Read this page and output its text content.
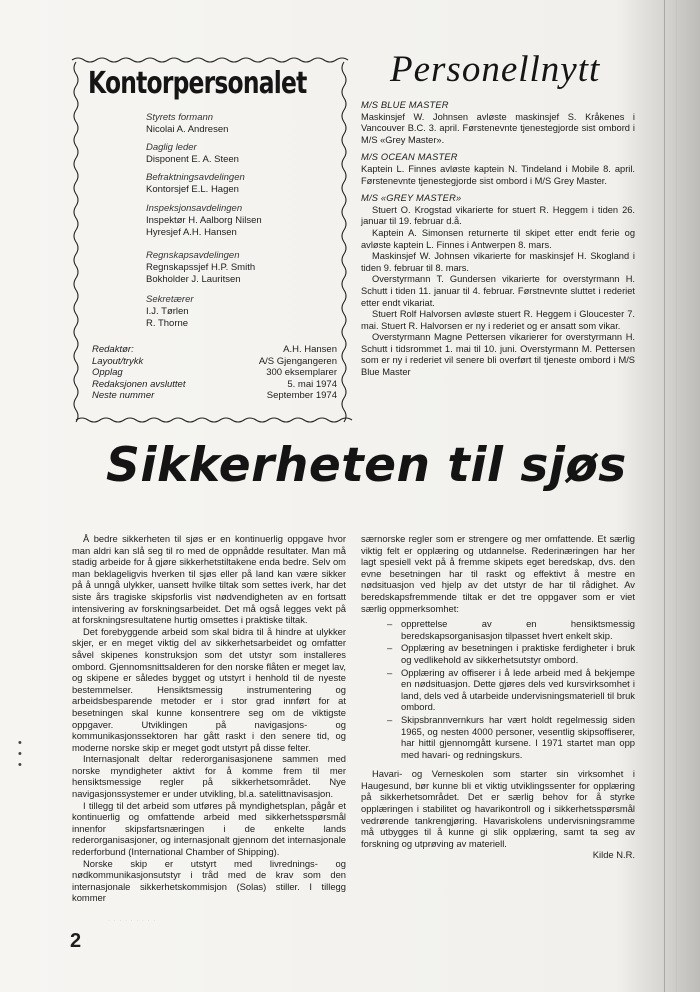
Kontorpersonalet
Styrets formann
Nicolai A. Andresen
Daglig leder
Disponent E. A. Steen
Befraktningsavdelingen
Kontorsjef E.L. Hagen
Inspeksjonsavdelingen
Inspektør H. Aalborg Nilsen
Hyresjef A.H. Hansen
Regnskapsavdelingen
Regnskapssjef H.P. Smith
Bokholder J. Lauritsen
Sekretærer
I.J. Tørlen
R. Thorne
Redaktør:	A.H. Hansen
Layout/trykk	A/S Gjengangeren
Opplag	300 eksemplarer
Redaksjonen avsluttet	5. mai 1974
Neste nummer	September 1974
Personellnytt

M/S BLUE MASTER

Maskinsjef W. Johnsen avløste maskinsjef S. Kråkenes i Vancouver B.C. 3. april. Førstenevnte tjenestegjorde sist ombord i M/S «Grey Master».

M/S OCEAN MASTER

Kaptein L. Finnes avløste kaptein N. Tindeland i Mobile 8. april. Førstenevnte tjenestegjorde sist ombord i M/S Grey Master.

M/S «GREY MASTER»

Stuert O. Krogstad vikarierte for stuert R. Heggem i tiden 26. januar til 19. februar d.å.

Kaptein A. Simonsen returnerte til skipet etter endt ferie og avløste kaptein L. Finnes i Antwerpen 8. mars.

Maskinsjef W. Johnsen vikarierte for maskinsjef H. Skogland i tiden 9. februar til 8. mars.

Overstyrmann T. Gundersen vikarierte for overstyrmann H. Schutt i tiden 11. januar til 4. februar. Førstnevnte sluttet i rederiet etter endt vikariat.

Stuert Rolf Halvorsen avløste stuert R. Heggem i Gloucester 7. mai. Stuert R. Halvorsen er ny i rederiet og er ansatt som vikar.

Overstyrmann Magne Pettersen vikarierer for overstyrmann H. Schutt i tidsrommet 1. mai til 10. juni. Overstyrmann M. Pettersen som er ny i rederiet vil senere bli overført til tjeneste ombord i M/S Blue Master

Sikkerheten til sjøs

Å bedre sikkerheten til sjøs er en kontinuerlig oppgave hvor man aldri kan slå seg til ro med de oppnådde resultater. Man må stadig arbeide for å gjøre sikkerhetstiltakene enda bedre. Selv om man beklageligvis hverken til sjøs eller på land kan være sikker på å unngå ulykker, uansett hvilke tiltak som settes iverk, har det siste års tragiske skipsforlis vist nødvendigheten av en fortsatt intensivering av forskningsarbeidet. Det må også legges vekt på at forskningsresultatene hurtig omsettes i praktiske tiltak.

Det forebyggende arbeid som skal bidra til å hindre at ulykker skjer, er en meget viktig del av sikkerhetsarbeidet og omfatter såvel skipenes konstruksjon som det utstyr som installeres ombord. Gjennomsnittsalderen for den norske flåten er meget lav, og skipene er således bygget og utstyrt i henhold til de nyeste bestemmelser. Hensiktsmessig instrumentering og arbeidsbesparende metoder er i stor grad innført for at besetningen skal kunne konsentrere seg om de viktigste oppgaver. Utviklingen på navigasjons- og kommunikasjonssektoren har gått raskt i den senere tid, og moderne norske skip er meget godt utstyrt på disse felter.

Internasjonalt deltar rederorganisasjonene sammen med norske myndigheter aktivt for å komme frem til mer hensiktsmessige regler på sikkerhetsområdet. Nye navigasjonssystemer er under utvikling, bl.a. satelittnavisasjon.

I tillegg til det arbeid som utføres på myndighetsplan, pågår et kontinuerlig og omfattende arbeid med sikkerhetsspørsmål innenfor skipsfartsnæringen i de enkelte lands rederorganisasjoner, og internasjonalt gjennom det internasjonale rederforbund (International Chamber of Shipping).

Norske skip er utstyrt med livrednings- og nødkommunikasjonsutstyr i tråd med de krav som den internasjonale sikkerhetskommisjon (Solas) stiller. I tillegg kommer

særnorske regler som er strengere og mer omfattende. Et særlig viktig felt er opplæring og utdannelse. Rederinæringen har her lagt spesiell vekt på å fremme skipets eget beredskap, dvs. den evne besetningen har til raskt og effektivt å mestre en nødsituasjon ved hjelp av det utstyr de har til rådighet. Av beredskapsfremmende tiltak er det tre oppgaver som er viet særlig oppmerksomhet:

– opprettelse av en hensiktsmessig beredskapsorganisasjon tilpasset hvert enkelt skip.
– Opplæring av besetningen i praktiske ferdigheter i bruk og vedlikehold av sikkerhetsutstyr ombord.
– Opplæring av offiserer i å lede arbeid med å bekjempe en nødsituasjon. Dette gjøres dels ved kursvirksomhet i land, dels ved å utarbeide undervisningsmateriell til bruk ombord.
– Skipsbrannvernkurs har vært holdt regelmessig siden 1965, og nesten 4000 personer, vesentlig skipsoffiserer, har hittil gjennomgått kursene. I 1971 startet man opp med havari- og redningskurs.

Havari- og Verneskolen som starter sin virksomhet i Haugesund, bør kunne bli et viktig utviklingssenter for opplæring på sikkerhetsområdet. Det er særlig behov for å styrke opplæringen i stabilitet og havarikontroll og i sikkerhetsspørsmål vedrørende tankrengjøring. Havariskolens undervisningsramme må utbygges til å kunne gi slik opplæring, samt ta seg av forskning og utprøving av materiell.

Kilde N.R.

•
•
•
· · · · · · · · ·
2
